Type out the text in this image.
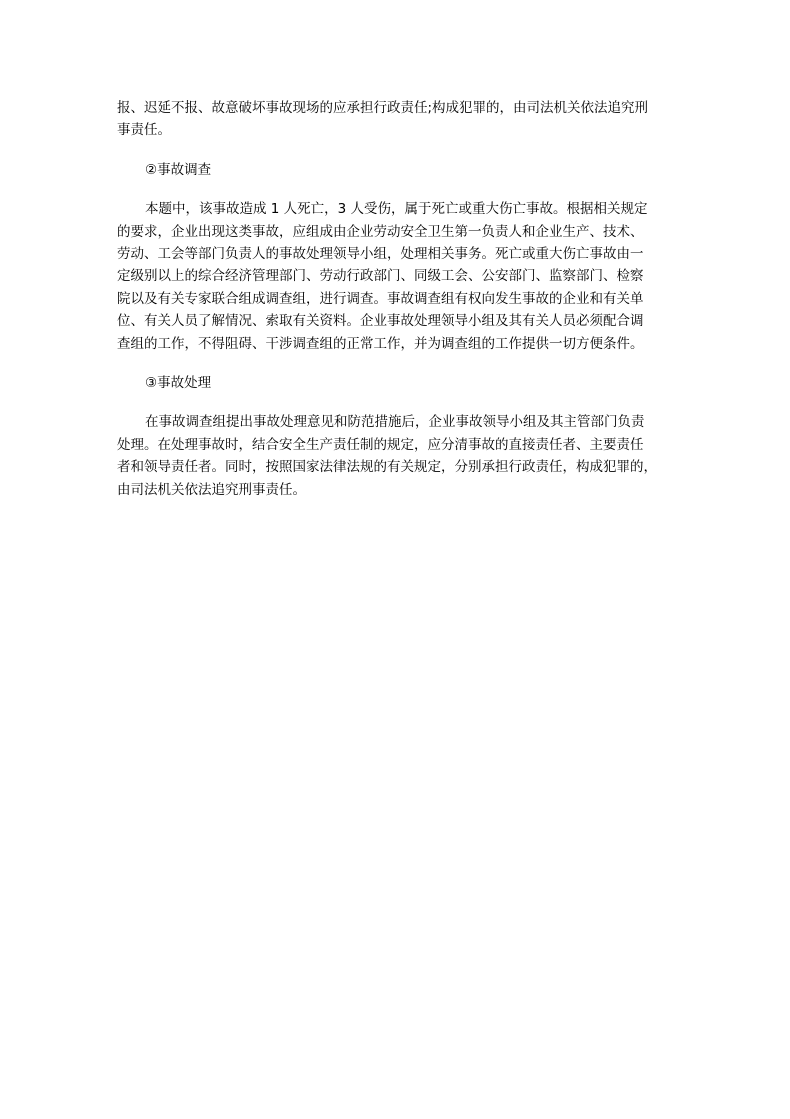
报、迟延不报、故意破坏事故现场的应承担行政责任;构成犯罪的，由司法机关依法追究刑
事责任。

②事故调查

本题中，该事故造成 1 人死亡，3 人受伤，属于死亡或重大伤亡事故。根据相关规定
的要求，企业出现这类事故，应组成由企业劳动安全卫生第一负责人和企业生产、技术、
劳动、工会等部门负责人的事故处理领导小组，处理相关事务。死亡或重大伤亡事故由一
定级别以上的综合经济管理部门、劳动行政部门、同级工会、公安部门、监察部门、检察
院以及有关专家联合组成调查组，进行调查。事故调查组有权向发生事故的企业和有关单
位、有关人员了解情况、索取有关资料。企业事故处理领导小组及其有关人员必须配合调
查组的工作，不得阻碍、干涉调查组的正常工作，并为调查组的工作提供一切方便条件。

③事故处理

在事故调查组提出事故处理意见和防范措施后，企业事故领导小组及其主管部门负责
处理。在处理事故时，结合安全生产责任制的规定，应分清事故的直接责任者、主要责任
者和领导责任者。同时，按照国家法律法规的有关规定，分别承担行政责任，构成犯罪的，
由司法机关依法追究刑事责任。
